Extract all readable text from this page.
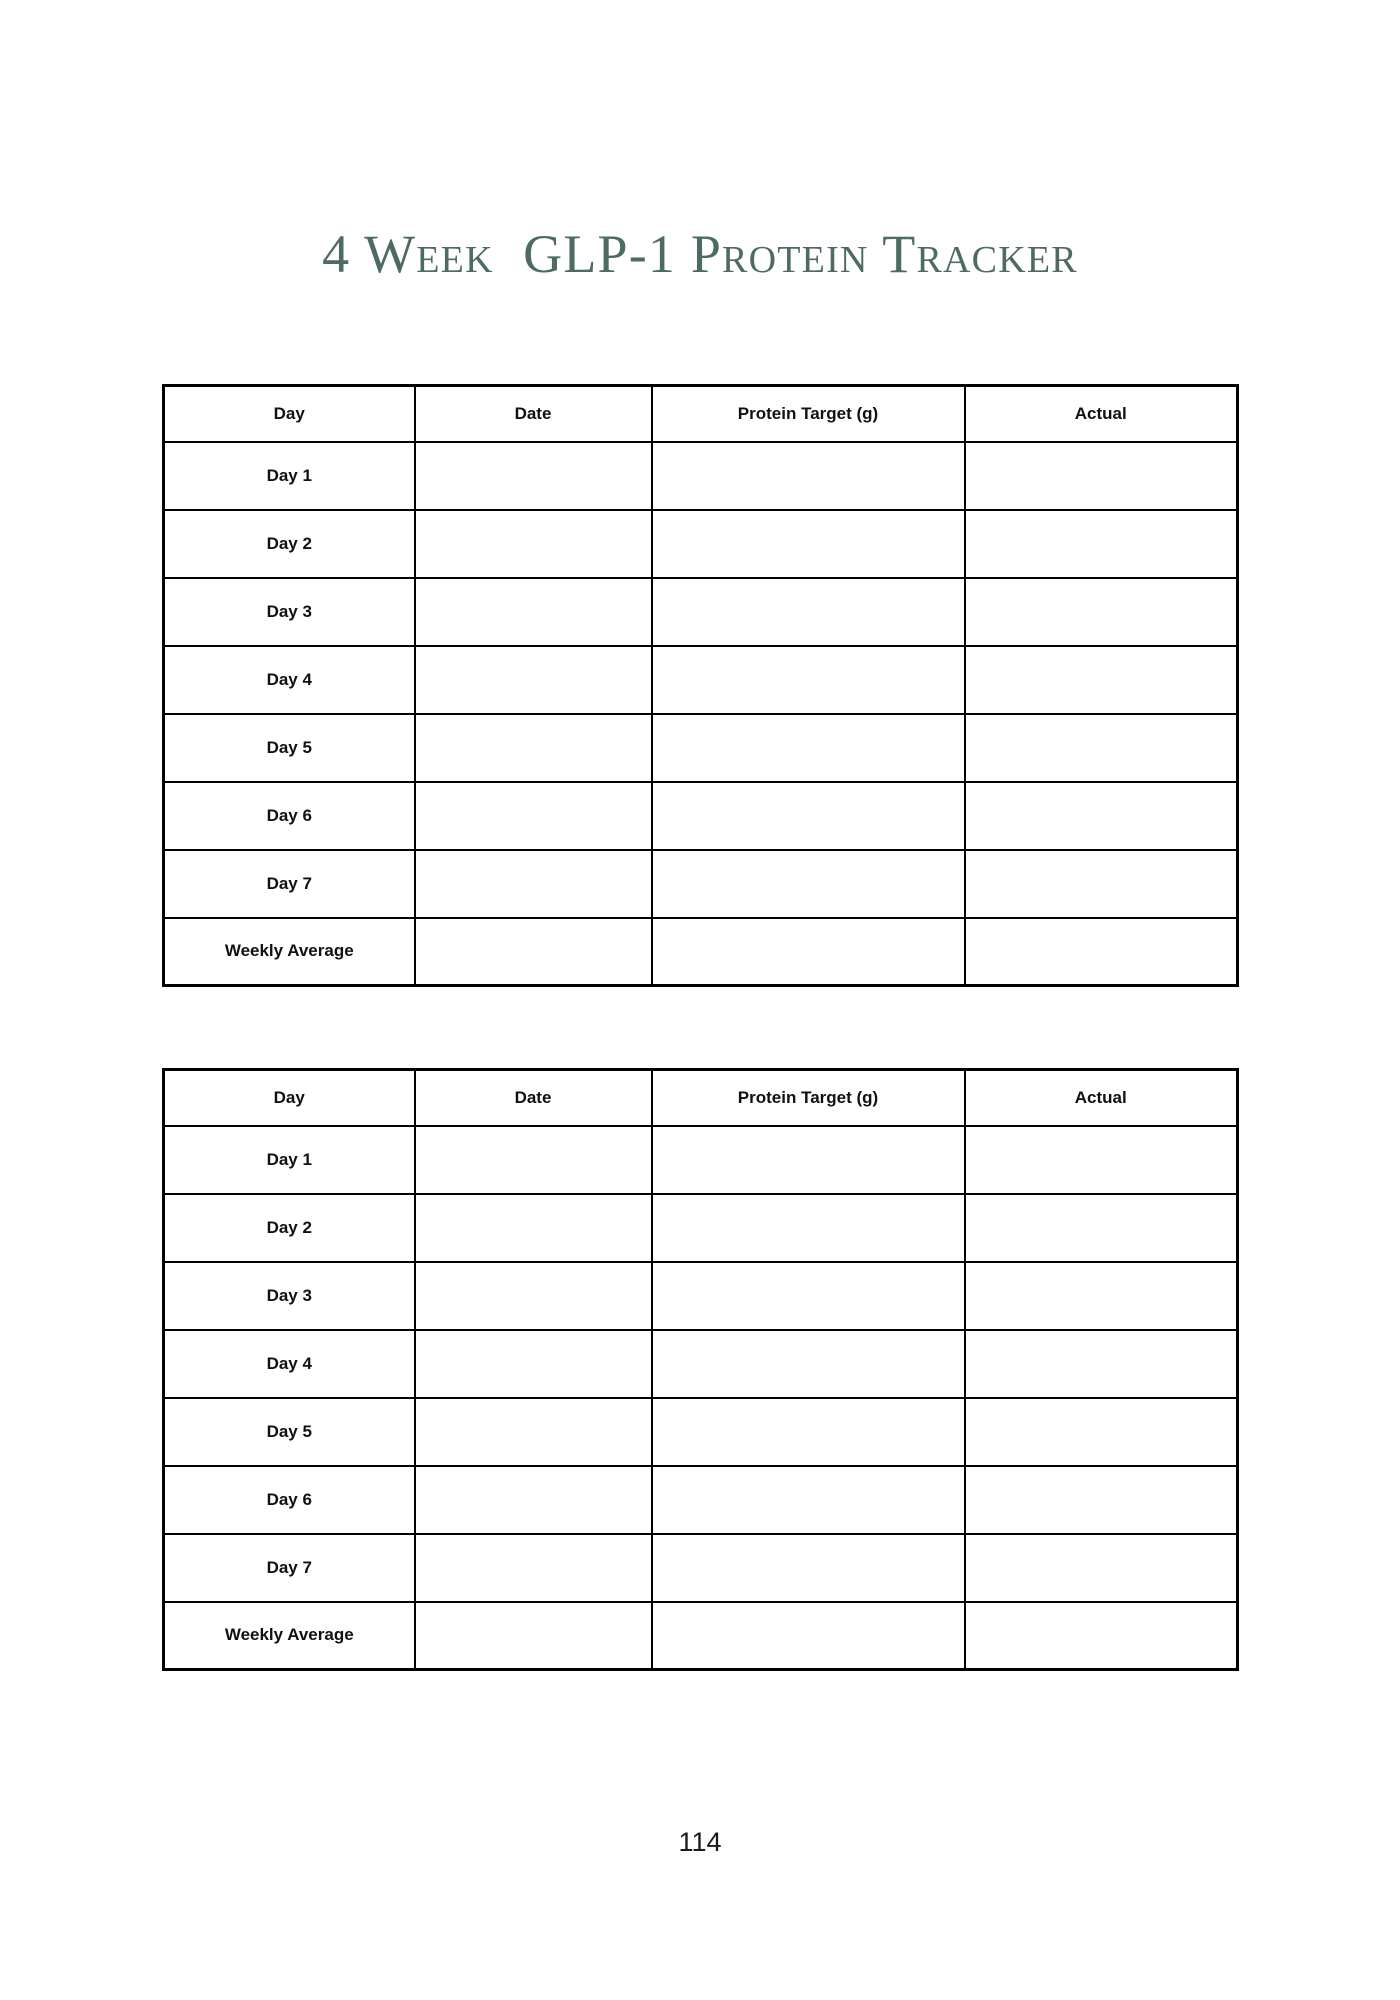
4 Week  GLP-1 Protein Tracker
Day	Date	Protein Target (g)	Actual
Day 1			
Day 2			
Day 3			
Day 4			
Day 5			
Day 6			
Day 7			
Weekly Average			
Day	Date	Protein Target (g)	Actual
Day 1			
Day 2			
Day 3			
Day 4			
Day 5			
Day 6			
Day 7			
Weekly Average			
114
